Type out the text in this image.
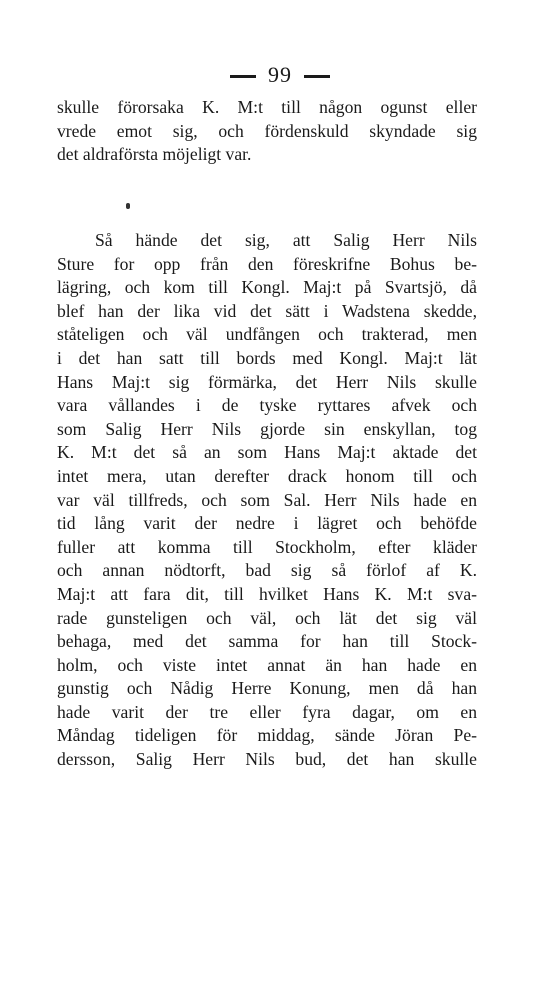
99
skulle förorsaka K. M:t till någon ogunst eller
vrede emot sig, och fördenskuld skyndade sig
det aldraförsta möjeligt var.
Så hände det sig, att Salig Herr Nils
Sture for opp från den föreskrifne Bohus be-
lägring, och kom till Kongl. Maj:t på Svartsjö, då
blef han der lika vid det sätt i Wadstena skedde,
ståteligen och väl undfången och trakterad, men
i det han satt till bords med Kongl. Maj:t lät
Hans Maj:t sig förmärka, det Herr Nils skulle
vara vållandes i de tyske ryttares afvek och
som Salig Herr Nils gjorde sin enskyllan, tog
K. M:t det så an som Hans Maj:t aktade det
intet mera, utan derefter drack honom till och
var väl tillfreds, och som Sal. Herr Nils hade en
tid lång varit der nedre i lägret och behöfde
fuller att komma till Stockholm, efter kläder
och annan nödtorft, bad sig så förlof af K.
Maj:t att fara dit, till hvilket Hans K. M:t sva-
rade gunsteligen och väl, och lät det sig väl
behaga, med det samma for han till Stock-
holm, och viste intet annat än han hade en
gunstig och Nådig Herre Konung, men då han
hade varit der tre eller fyra dagar, om en
Måndag tideligen för middag, sände Jöran Pe-
dersson, Salig Herr Nils bud, det han skulle
